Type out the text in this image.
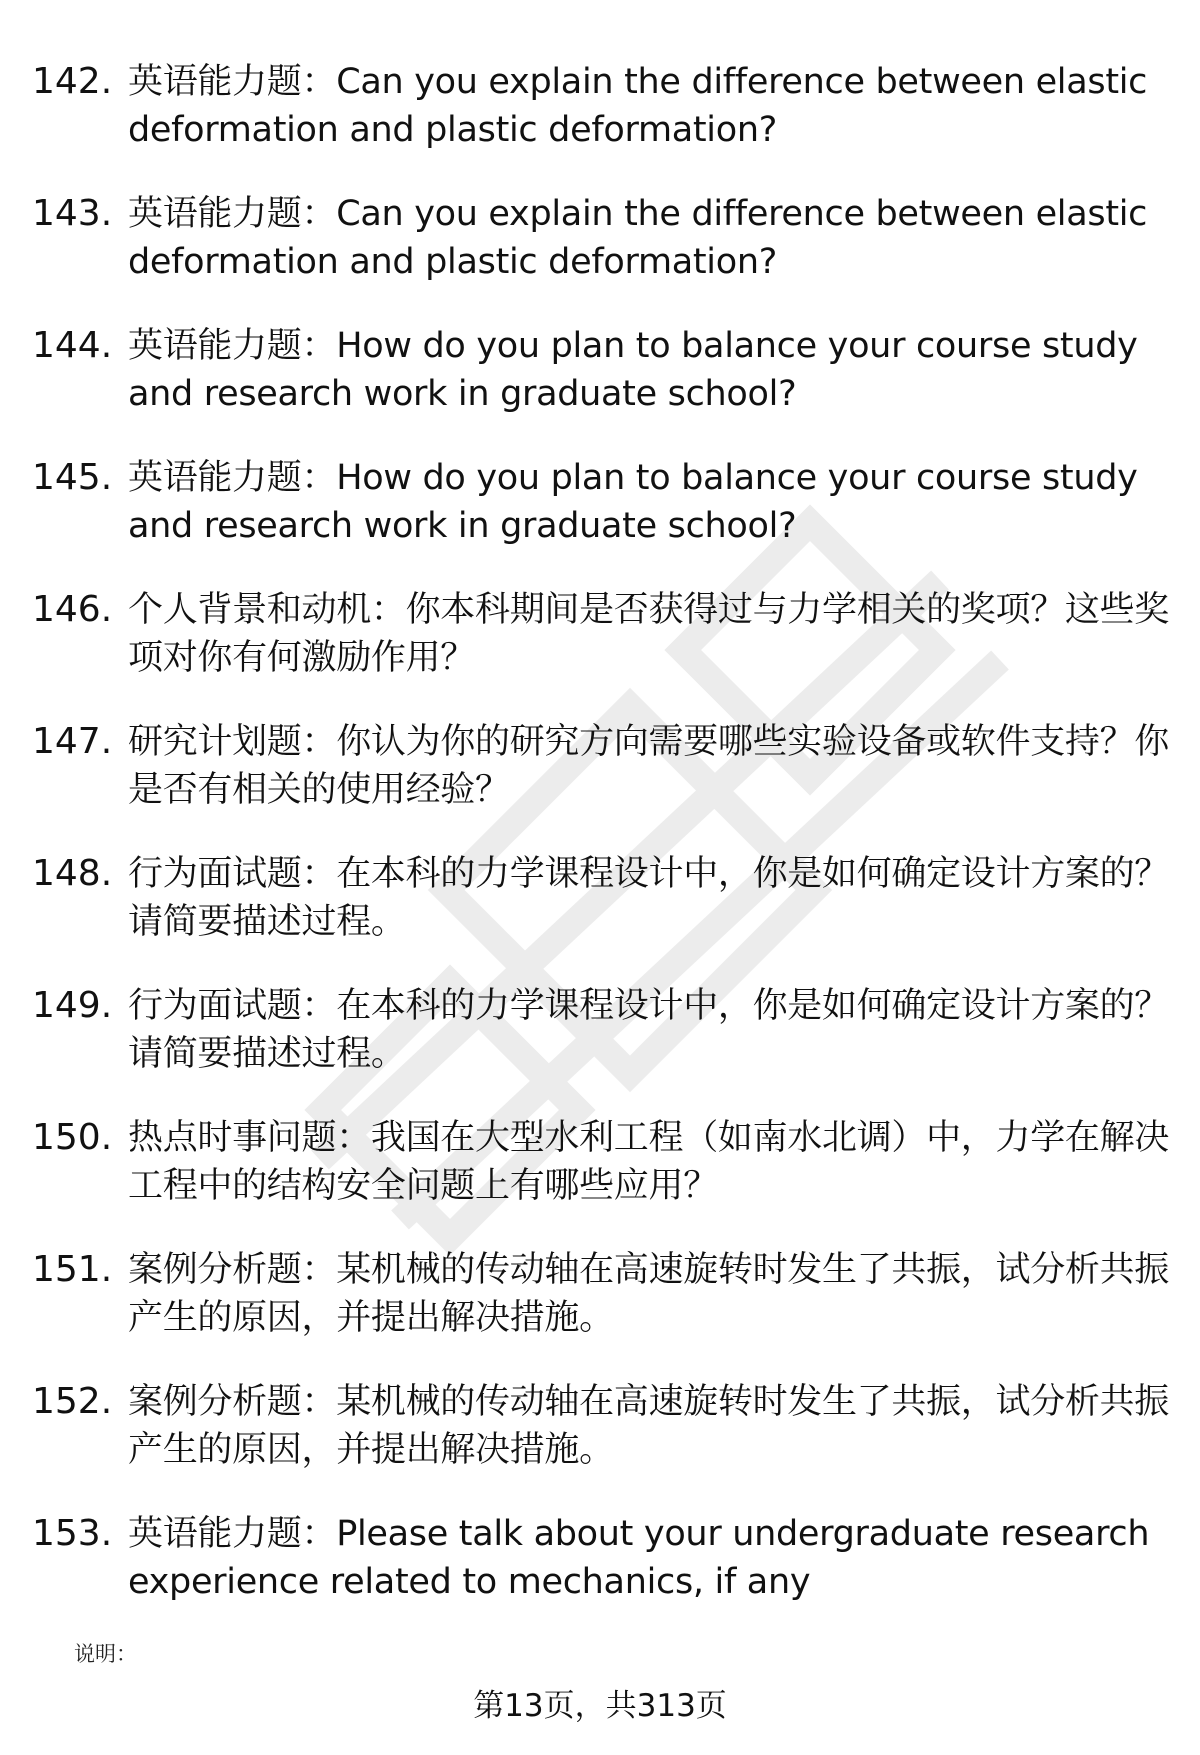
142. 英语能力题：Can you explain the difference between elastic deformation and plastic deformation?
143. 英语能力题：Can you explain the difference between elastic deformation and plastic deformation?
144. 英语能力题：How do you plan to balance your course study and research work in graduate school?
145. 英语能力题：How do you plan to balance your course study and research work in graduate school?
146. 个人背景和动机：你本科期间是否获得过与力学相关的奖项？这些奖项对你有何激励作用？
147. 研究计划题：你认为你的研究方向需要哪些实验设备或软件支持？你是否有相关的使用经验？
148. 行为面试题：在本科的力学课程设计中，你是如何确定设计方案的？请简要描述过程。
149. 行为面试题：在本科的力学课程设计中，你是如何确定设计方案的？请简要描述过程。
150. 热点时事问题：我国在大型水利工程（如南水北调）中，力学在解决工程中的结构安全问题上有哪些应用？
151. 案例分析题：某机械的传动轴在高速旋转时发生了共振，试分析共振产生的原因，并提出解决措施。
152. 案例分析题：某机械的传动轴在高速旋转时发生了共振，试分析共振产生的原因，并提出解决措施。
153. 英语能力题：Please talk about your undergraduate research experience related to mechanics, if any
说明：
第13页，共313页
